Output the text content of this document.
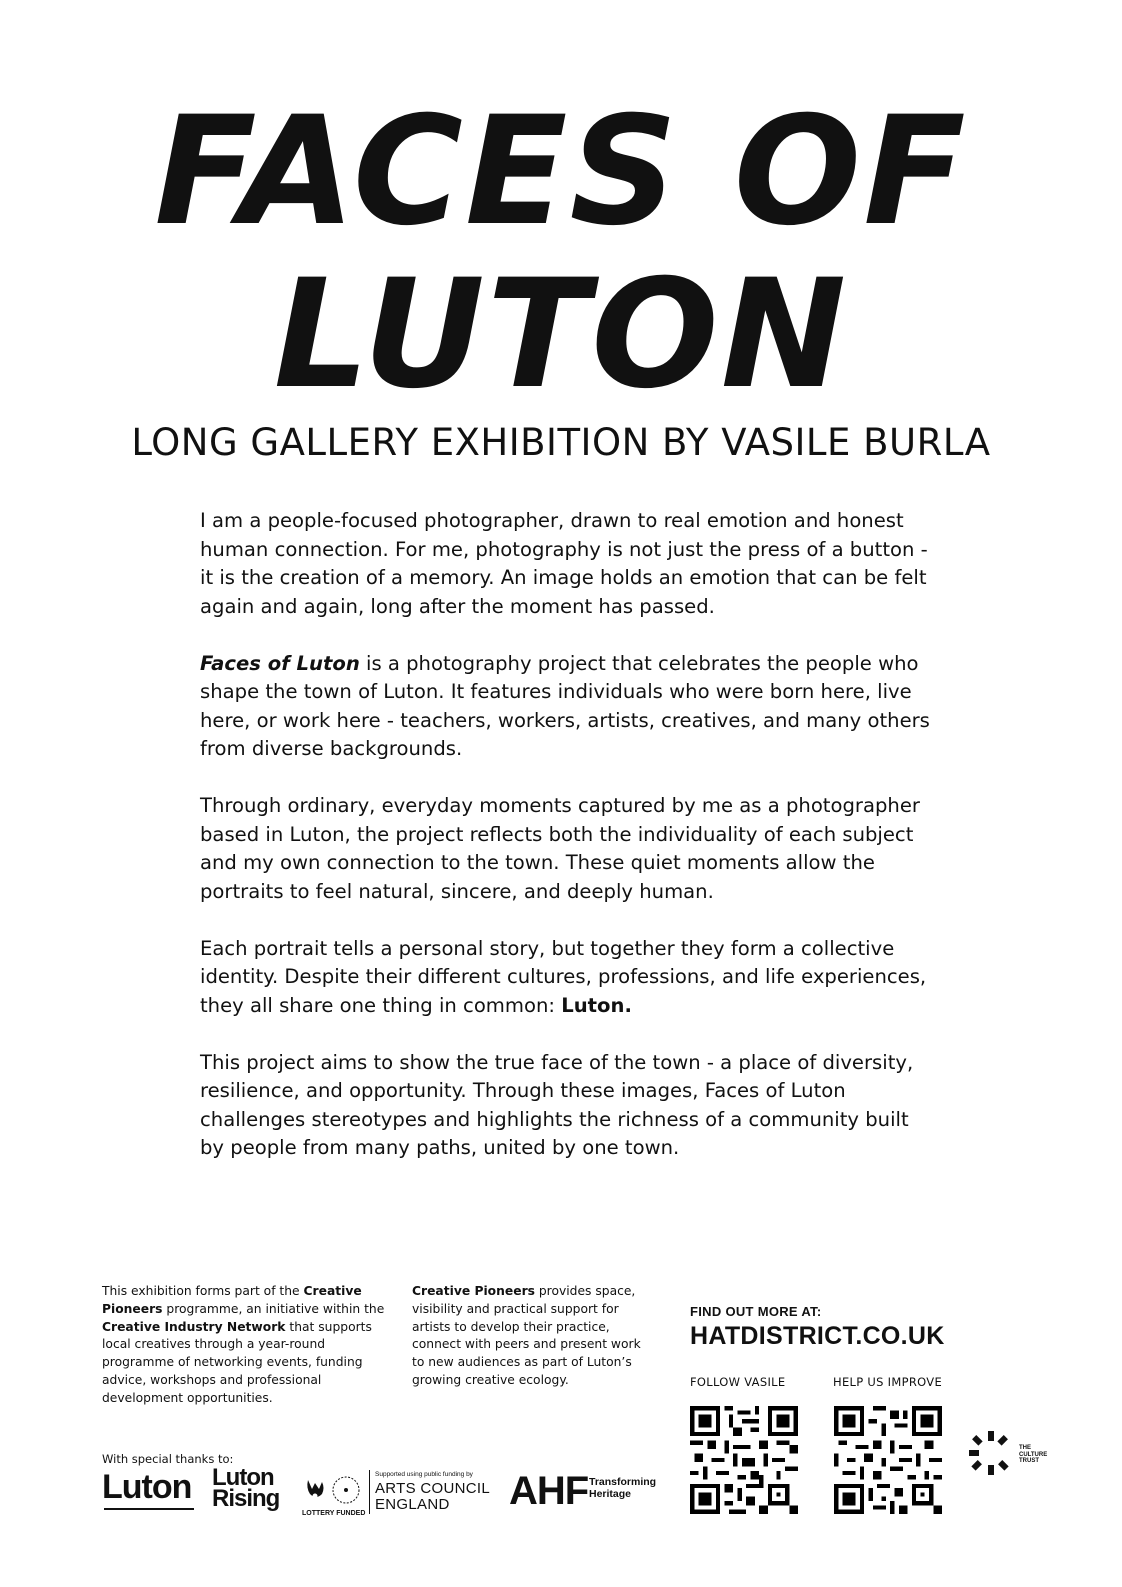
FACES OF
LUTON
LONG GALLERY EXHIBITION BY VASILE BURLA

I am a people-focused photographer, drawn to real emotion and honest human connection. For me, photography is not just the press of a button - it is the creation of a memory. An image holds an emotion that can be felt again and again, long after the moment has passed.

Faces of Luton is a photography project that celebrates the people who shape the town of Luton. It features individuals who were born here, live here, or work here - teachers, workers, artists, creatives, and many others from diverse backgrounds.

Through ordinary, everyday moments captured by me as a photographer based in Luton, the project reflects both the individuality of each subject and my own connection to the town. These quiet moments allow the portraits to feel natural, sincere, and deeply human.

Each portrait tells a personal story, but together they form a collective identity. Despite their different cultures, professions, and life experiences, they all share one thing in common: Luton.

This project aims to show the true face of the town - a place of diversity, resilience, and opportunity. Through these images, Faces of Luton challenges stereotypes and highlights the richness of a community built by people from many paths, united by one town.

This exhibition forms part of the Creative Pioneers programme, an initiative within the Creative Industry Network that supports local creatives through a year-round programme of networking events, funding advice, workshops and professional development opportunities.
Creative Pioneers provides space, visibility and practical support for artists to develop their practice, connect with peers and present work to new audiences as part of Luton’s growing creative ecology.
FIND OUT MORE AT:
HATDISTRICT.CO.UK
FOLLOW VASILE	HELP US IMPROVE
With special thanks to:
Luton Luton
Rising
LOTTERY FUNDED
Supported using public funding by
ARTS COUNCIL
ENGLAND AHF Transforming
Heritage
THE
CULTURE
TRUST
